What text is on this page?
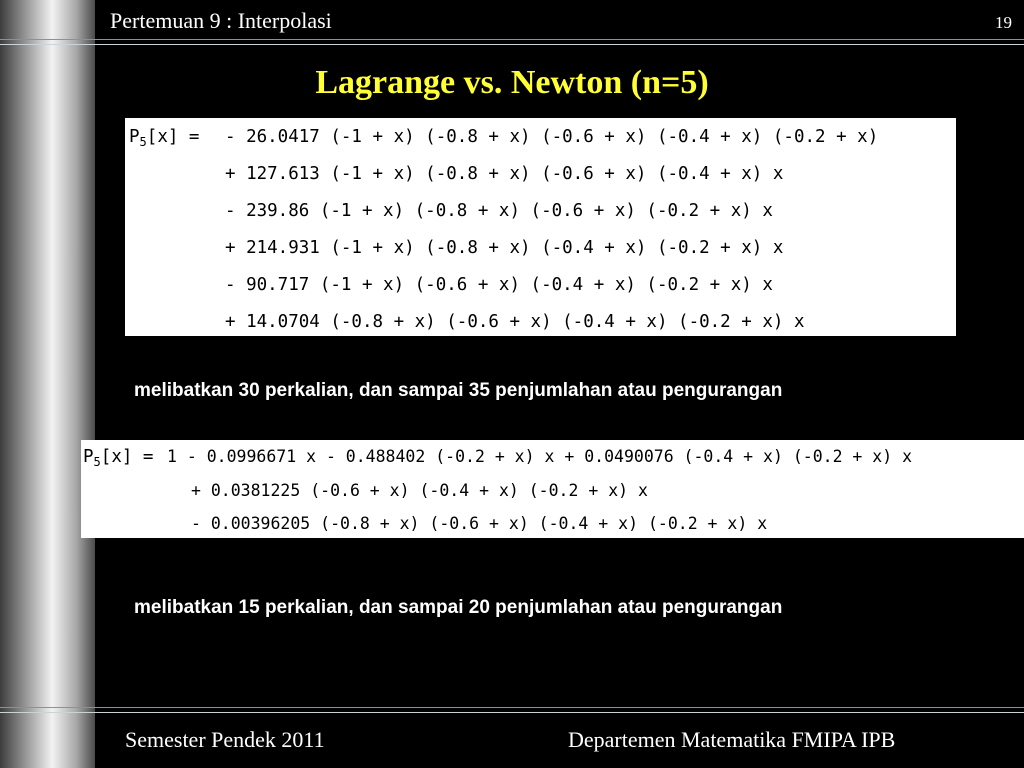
Pertemuan 9 : Interpolasi	19
Lagrange vs. Newton (n=5)
$P_5[x]$ = - 26.0417 (-1 + x) (-0.8 + x) (-0.6 + x) (-0.4 + x) (-0.2 + x)
+ 127.613 (-1 + x) (-0.8 + x) (-0.6 + x) (-0.4 + x) x
- 239.86 (-1 + x) (-0.8 + x) (-0.6 + x) (-0.2 + x) x
+ 214.931 (-1 + x) (-0.8 + x) (-0.4 + x) (-0.2 + x) x
- 90.717 (-1 + x) (-0.6 + x) (-0.4 + x) (-0.2 + x) x
+ 14.0704 (-0.8 + x) (-0.6 + x) (-0.4 + x) (-0.2 + x) x
melibatkan 30 perkalian, dan sampai 35 penjumlahan atau pengurangan
$P_5[x] = 1 - 0.0996671$ x - 0.488402 (-0.2 + x) x + 0.0490076 (-0.4 + x) (-0.2 + x) x
+ 0.0381225 (-0.6 + x) (-0.4 + x) (-0.2 + x) x
- 0.00396205 (-0.8 + x) (-0.6 + x) (-0.4 + x) (-0.2 + x) x
melibatkan 15 perkalian, dan sampai 20 penjumlahan atau pengurangan
Semester Pendek 2011	Departemen Matematika FMIPA IPB
